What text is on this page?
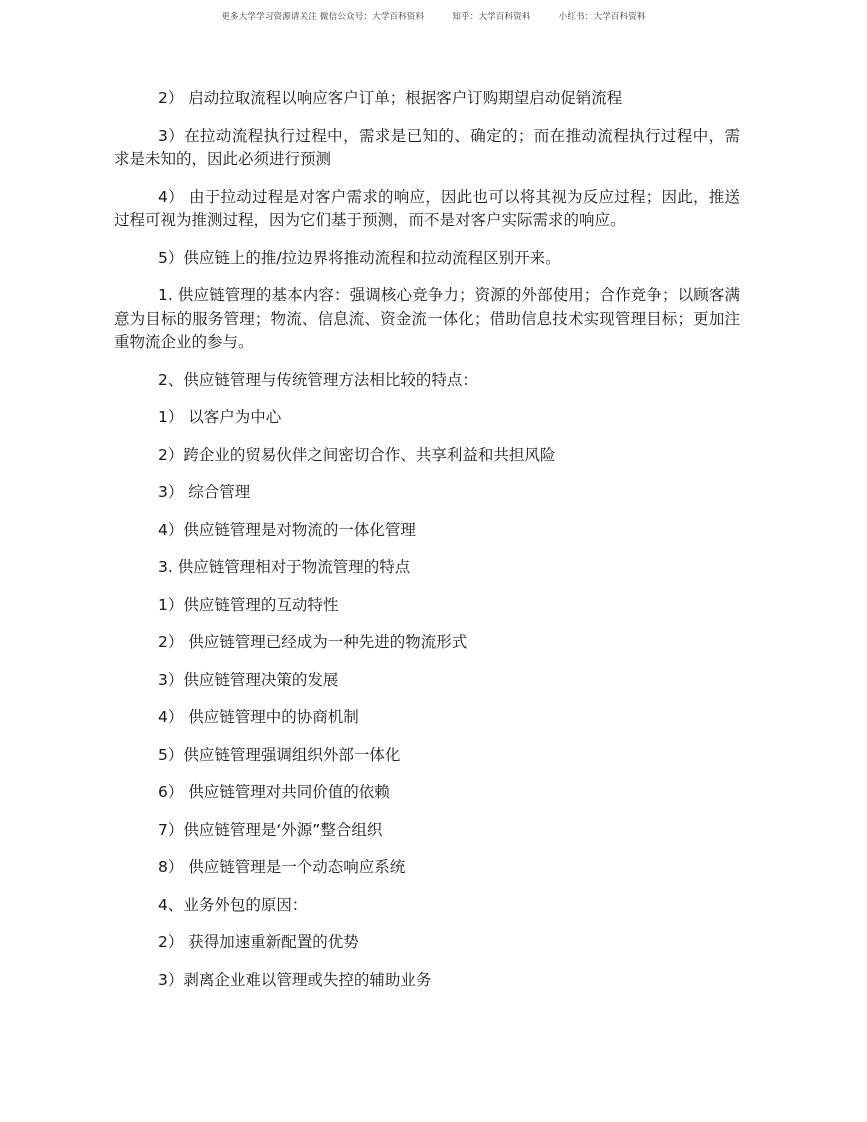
更多大学学习资源请关注 微信公众号：大学百科资料	知乎：大学百科资料	小红书：大学百科资料

2） 启动拉取流程以响应客户订单；根据客户订购期望启动促销流程

3）在拉动流程执行过程中，需求是已知的、确定的；而在推动流程执行过程中，需求是未知的，因此必须进行预测

4） 由于拉动过程是对客户需求的响应，因此也可以将其视为反应过程；因此，推送过程可视为推测过程，因为它们基于预测，而不是对客户实际需求的响应。

5）供应链上的推/拉边界将推动流程和拉动流程区别开来。

1. 供应链管理的基本内容：强调核心竞争力；资源的外部使用；合作竞争；以顾客满意为目标的服务管理；物流、信息流、资金流一体化；借助信息技术实现管理目标；更加注重物流企业的参与。

2、供应链管理与传统管理方法相比较的特点：

1） 以客户为中心

2）跨企业的贸易伙伴之间密切合作、共享利益和共担风险

3） 综合管理

4）供应链管理是对物流的一体化管理

3. 供应链管理相对于物流管理的特点

1）供应链管理的互动特性

2） 供应链管理已经成为一种先进的物流形式

3）供应链管理决策的发展

4） 供应链管理中的协商机制

5）供应链管理强调组织外部一体化

6） 供应链管理对共同价值的依赖

7）供应链管理是‘外源”整合组织

8） 供应链管理是一个动态响应系统

4、业务外包的原因：

2） 获得加速重新配置的优势

3）剥离企业难以管理或失控的辅助业务
